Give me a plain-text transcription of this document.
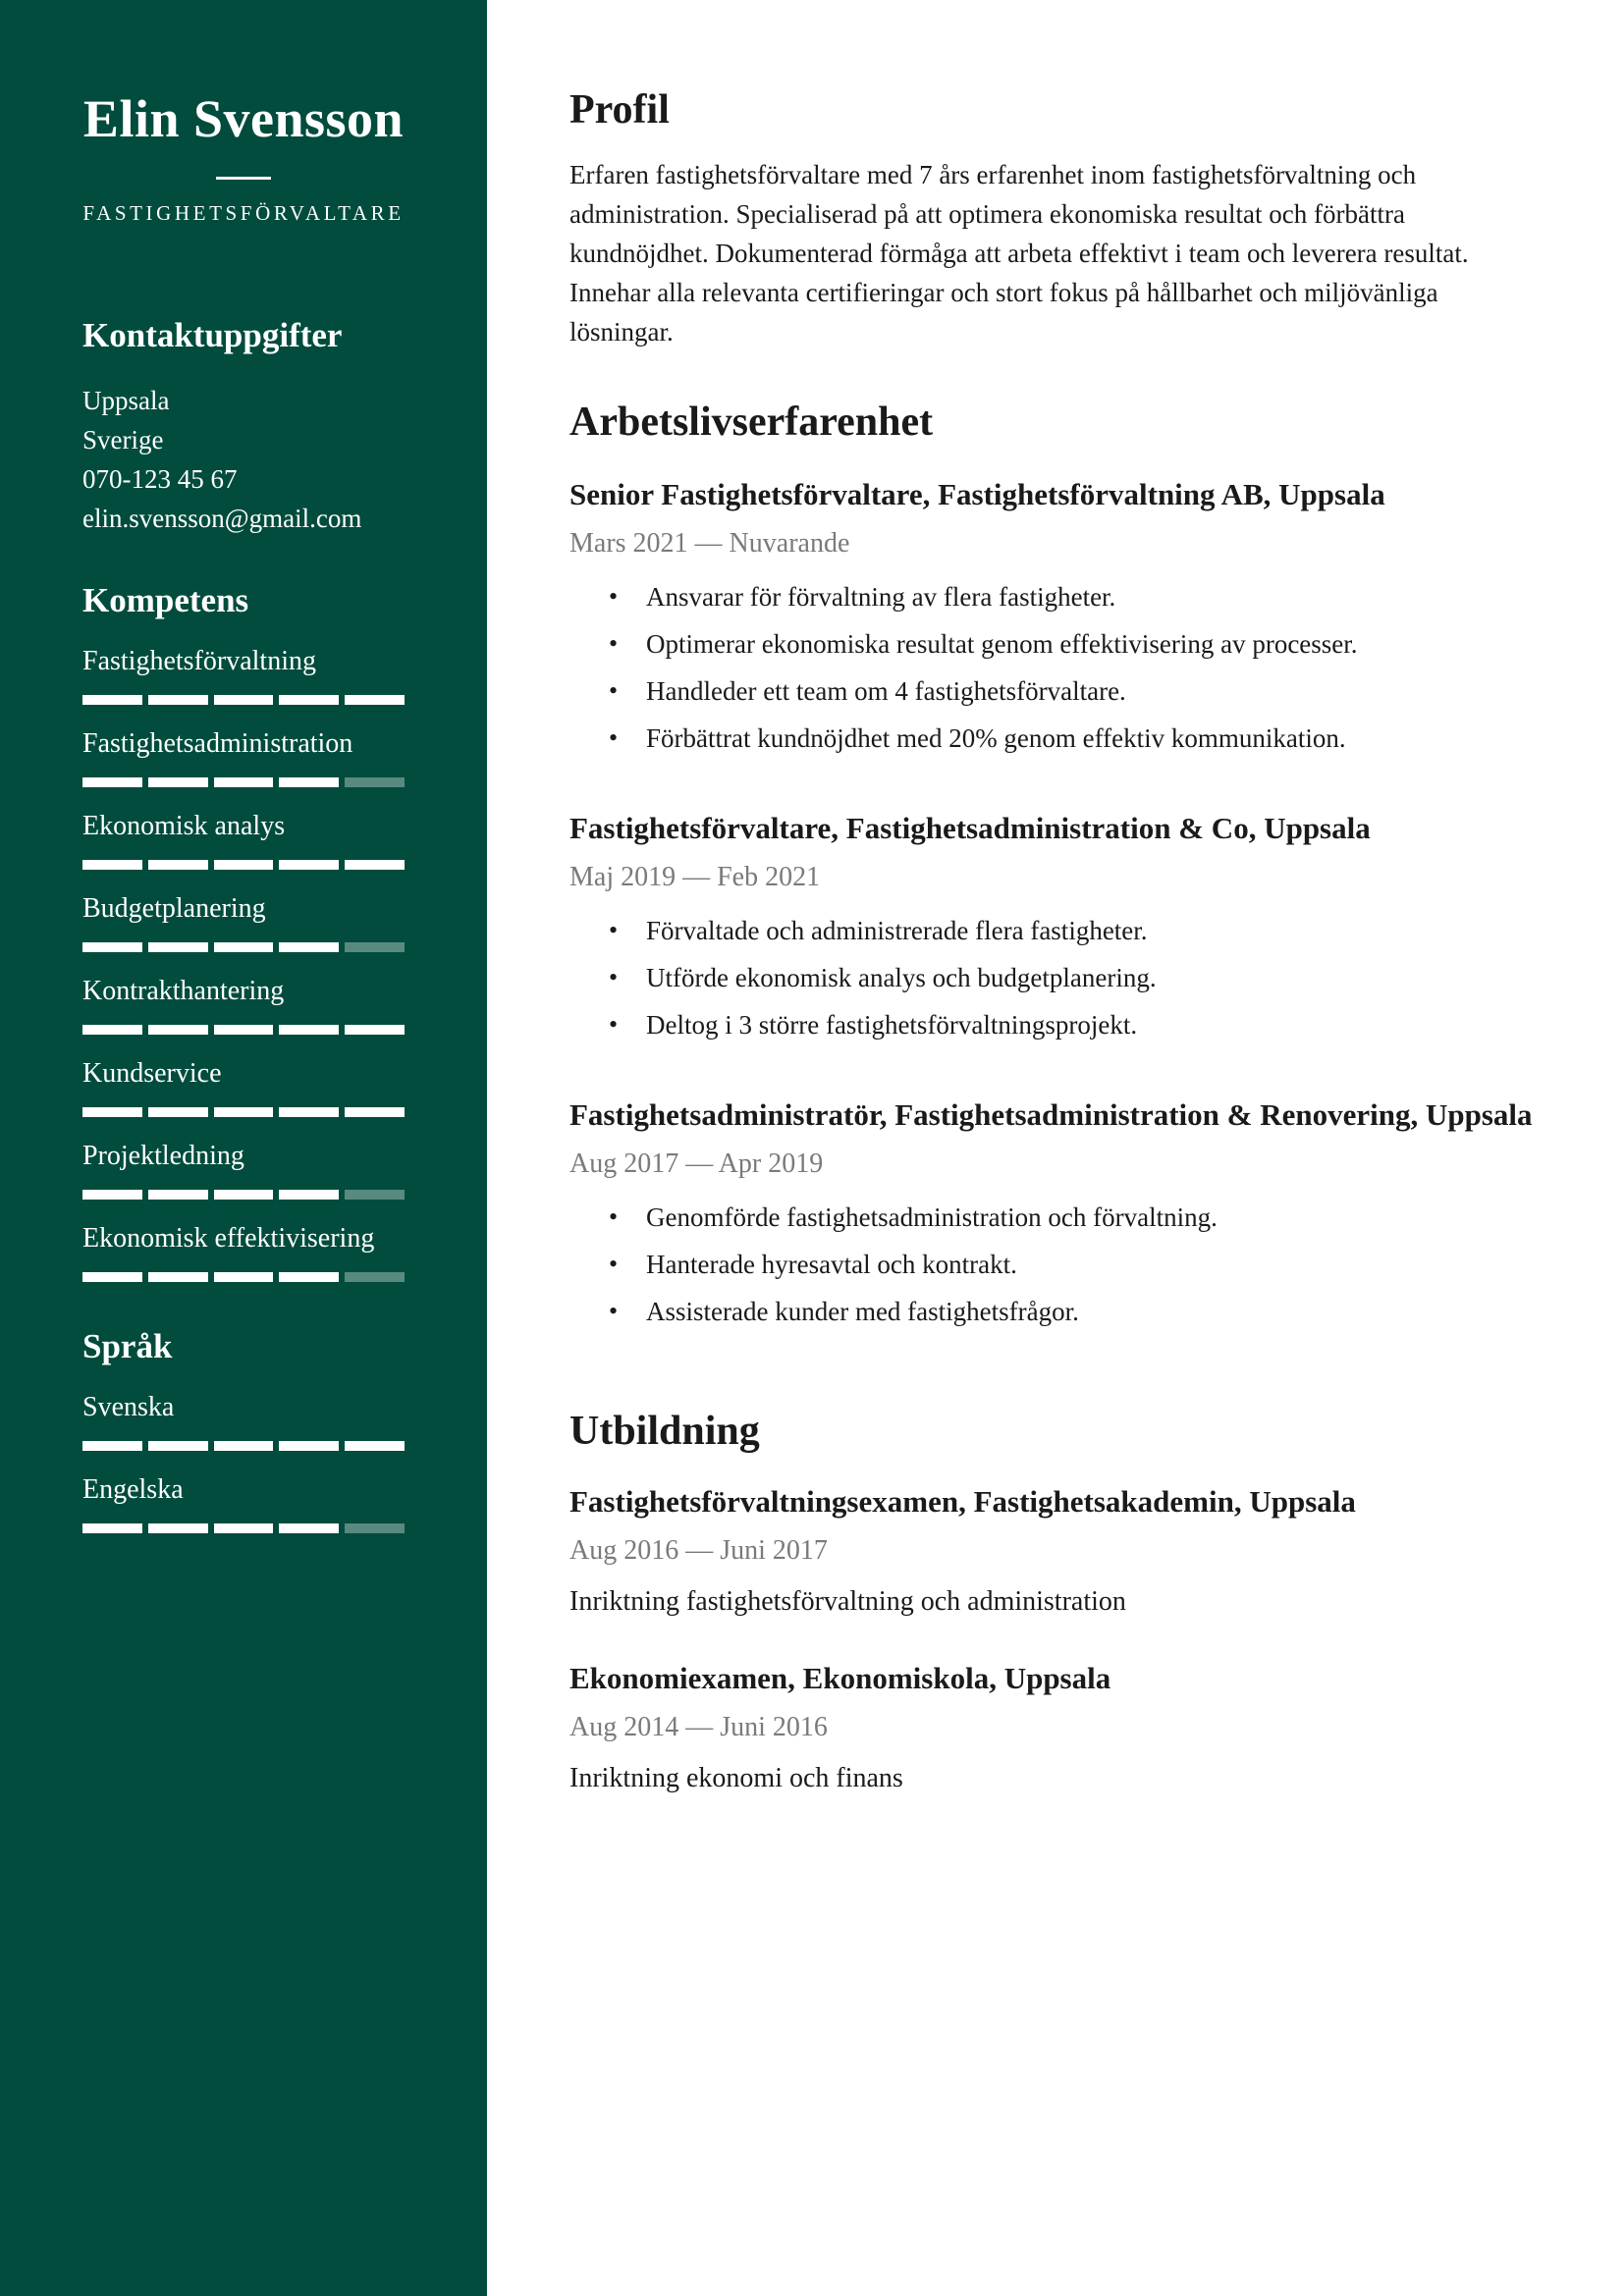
Elin Svensson
FASTIGHETSFÖRVALTARE
Kontaktuppgifter
Uppsala
Sverige
070-123 45 67
elin.svensson@gmail.com
Kompetens
Fastighetsförvaltning
Fastighetsadministration
Ekonomisk analys
Budgetplanering
Kontrakthantering
Kundservice
Projektledning
Ekonomisk effektivisering
Språk
Svenska
Engelska
Profil
Erfaren fastighetsförvaltare med 7 års erfarenhet inom fastighetsförvaltning och administration. Specialiserad på att optimera ekonomiska resultat och förbättra kundnöjdhet. Dokumenterad förmåga att arbeta effektivt i team och leverera resultat. Innehar alla relevanta certifieringar och stort fokus på hållbarhet och miljövänliga lösningar.
Arbetslivserfarenhet
Senior Fastighetsförvaltare, Fastighetsförvaltning AB, Uppsala
Mars 2021 — Nuvarande
• Ansvarar för förvaltning av flera fastigheter.
• Optimerar ekonomiska resultat genom effektivisering av processer.
• Handleder ett team om 4 fastighetsförvaltare.
• Förbättrat kundnöjdhet med 20% genom effektiv kommunikation.
Fastighetsförvaltare, Fastighetsadministration & Co, Uppsala
Maj 2019 — Feb 2021
• Förvaltade och administrerade flera fastigheter.
• Utförde ekonomisk analys och budgetplanering.
• Deltog i 3 större fastighetsförvaltningsprojekt.
Fastighetsadministratör, Fastighetsadministration & Renovering, Uppsala
Aug 2017 — Apr 2019
• Genomförde fastighetsadministration och förvaltning.
• Hanterade hyresavtal och kontrakt.
• Assisterade kunder med fastighetsfrågor.
Utbildning
Fastighetsförvaltningsexamen, Fastighetsakademin, Uppsala
Aug 2016 — Juni 2017
Inriktning fastighetsförvaltning och administration
Ekonomiexamen, Ekonomiskola, Uppsala
Aug 2014 — Juni 2016
Inriktning ekonomi och finans
